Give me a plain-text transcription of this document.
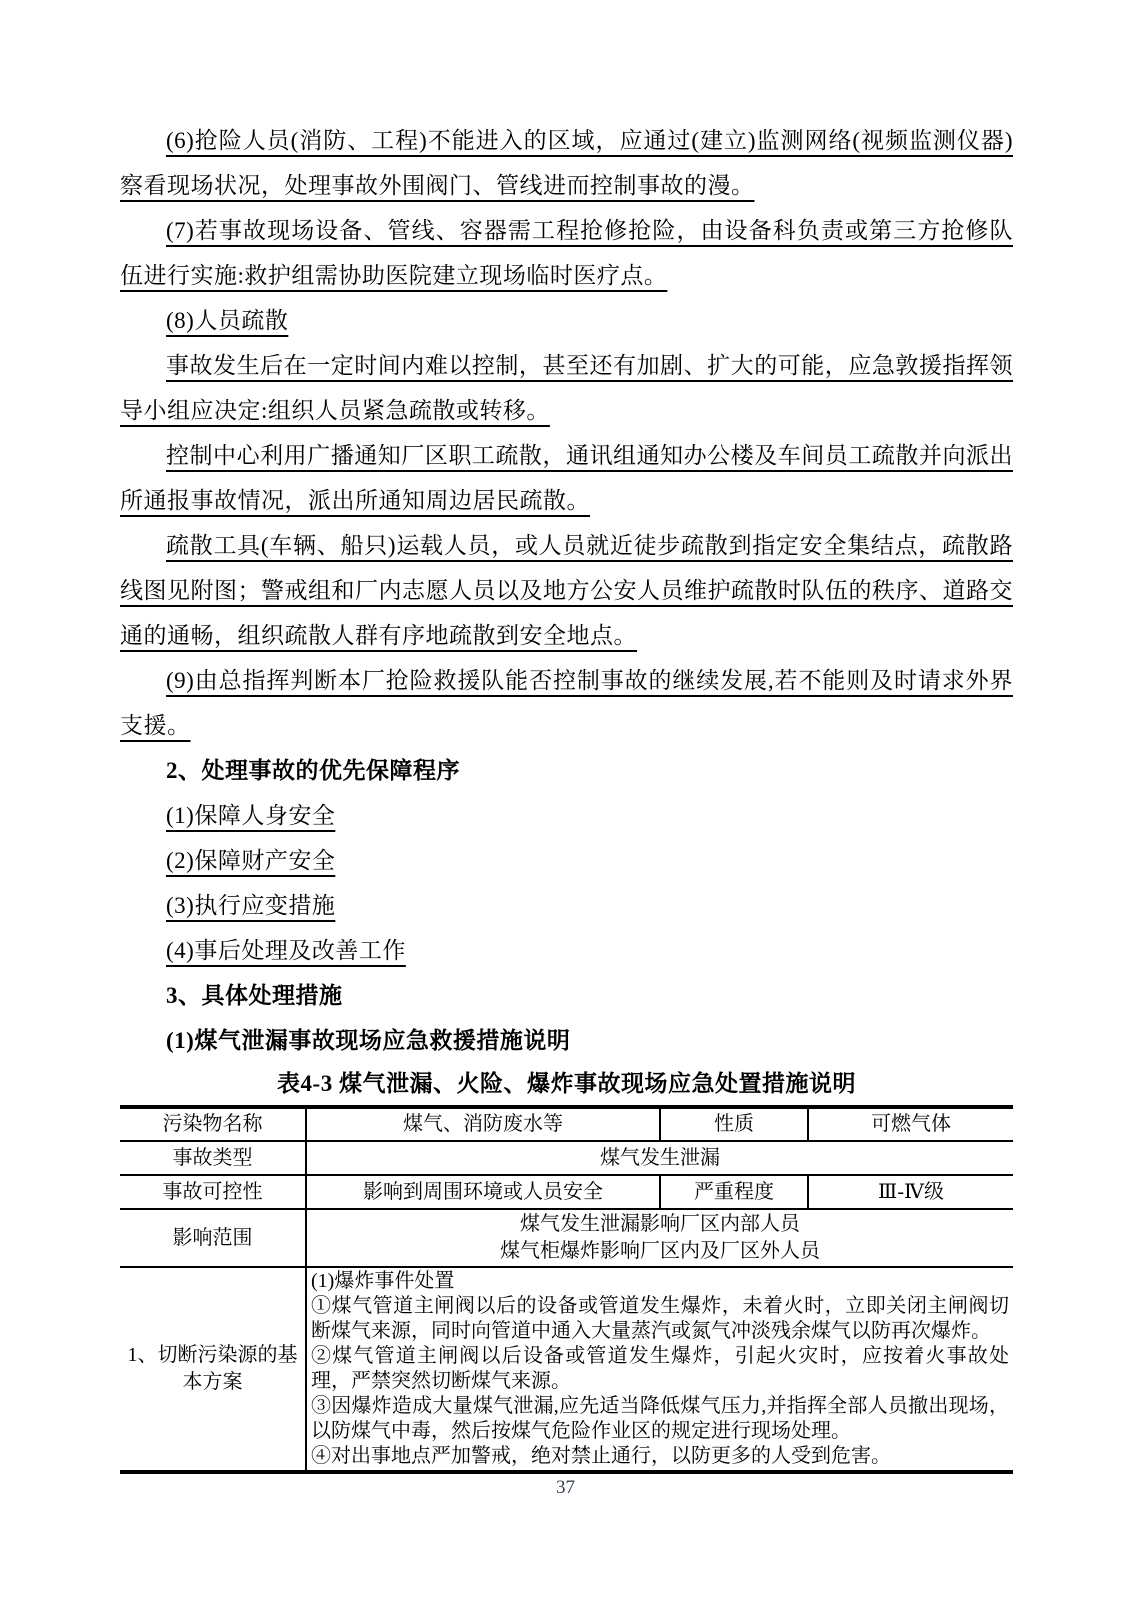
(6)抢险人员(消防、工程)不能进入的区域，应通过(建立)监测网络(视频监测仪器)察看现场状况，处理事故外围阀门、管线进而控制事故的漫。

(7)若事故现场设备、管线、容器需工程抢修抢险，由设备科负责或第三方抢修队伍进行实施:救护组需协助医院建立现场临时医疗点。

(8)人员疏散

事故发生后在一定时间内难以控制，甚至还有加剧、扩大的可能，应急敦援指挥领导小组应决定:组织人员紧急疏散或转移。

控制中心利用广播通知厂区职工疏散，通讯组通知办公楼及车间员工疏散并向派出所通报事故情况，派出所通知周边居民疏散。

疏散工具(车辆、船只)运载人员，或人员就近徒步疏散到指定安全集结点，疏散路线图见附图；警戒组和厂内志愿人员以及地方公安人员维护疏散时队伍的秩序、道路交通的通畅，组织疏散人群有序地疏散到安全地点。

(9)由总指挥判断本厂抢险救援队能否控制事故的继续发展,若不能则及时请求外界支援。

2、处理事故的优先保障程序

(1)保障人身安全

(2)保障财产安全

(3)执行应变措施

(4)事后处理及改善工作

3、具体处理措施

(1)煤气泄漏事故现场应急救援措施说明

表4-3 煤气泄漏、火险、爆炸事故现场应急处置措施说明

污染物名称	煤气、消防废水等	性质	可燃气体
事故类型	煤气发生泄漏		
事故可控性	影响到周围环境或人员安全	严重程度	Ⅲ-Ⅳ级
影响范围	煤气发生泄漏影响厂区内部人员
煤气柜爆炸影响厂区内及厂区外人员		

1、切断污染源的基本方案	(1)爆炸事件处置
①煤气管道主闸阀以后的设备或管道发生爆炸，未着火时，立即关闭主闸阀切断煤气来源，同时向管道中通入大量蒸汽或氮气冲淡残余煤气以防再次爆炸。
②煤气管道主闸阀以后设备或管道发生爆炸，引起火灾时，应按着火事故处理，严禁突然切断煤气来源。
③因爆炸造成大量煤气泄漏,应先适当降低煤气压力,并指挥全部人员撤出现场，以防煤气中毒，然后按煤气危险作业区的规定进行现场处理。
④对出事地点严加警戒，绝对禁止通行，以防更多的人受到危害。		
37
